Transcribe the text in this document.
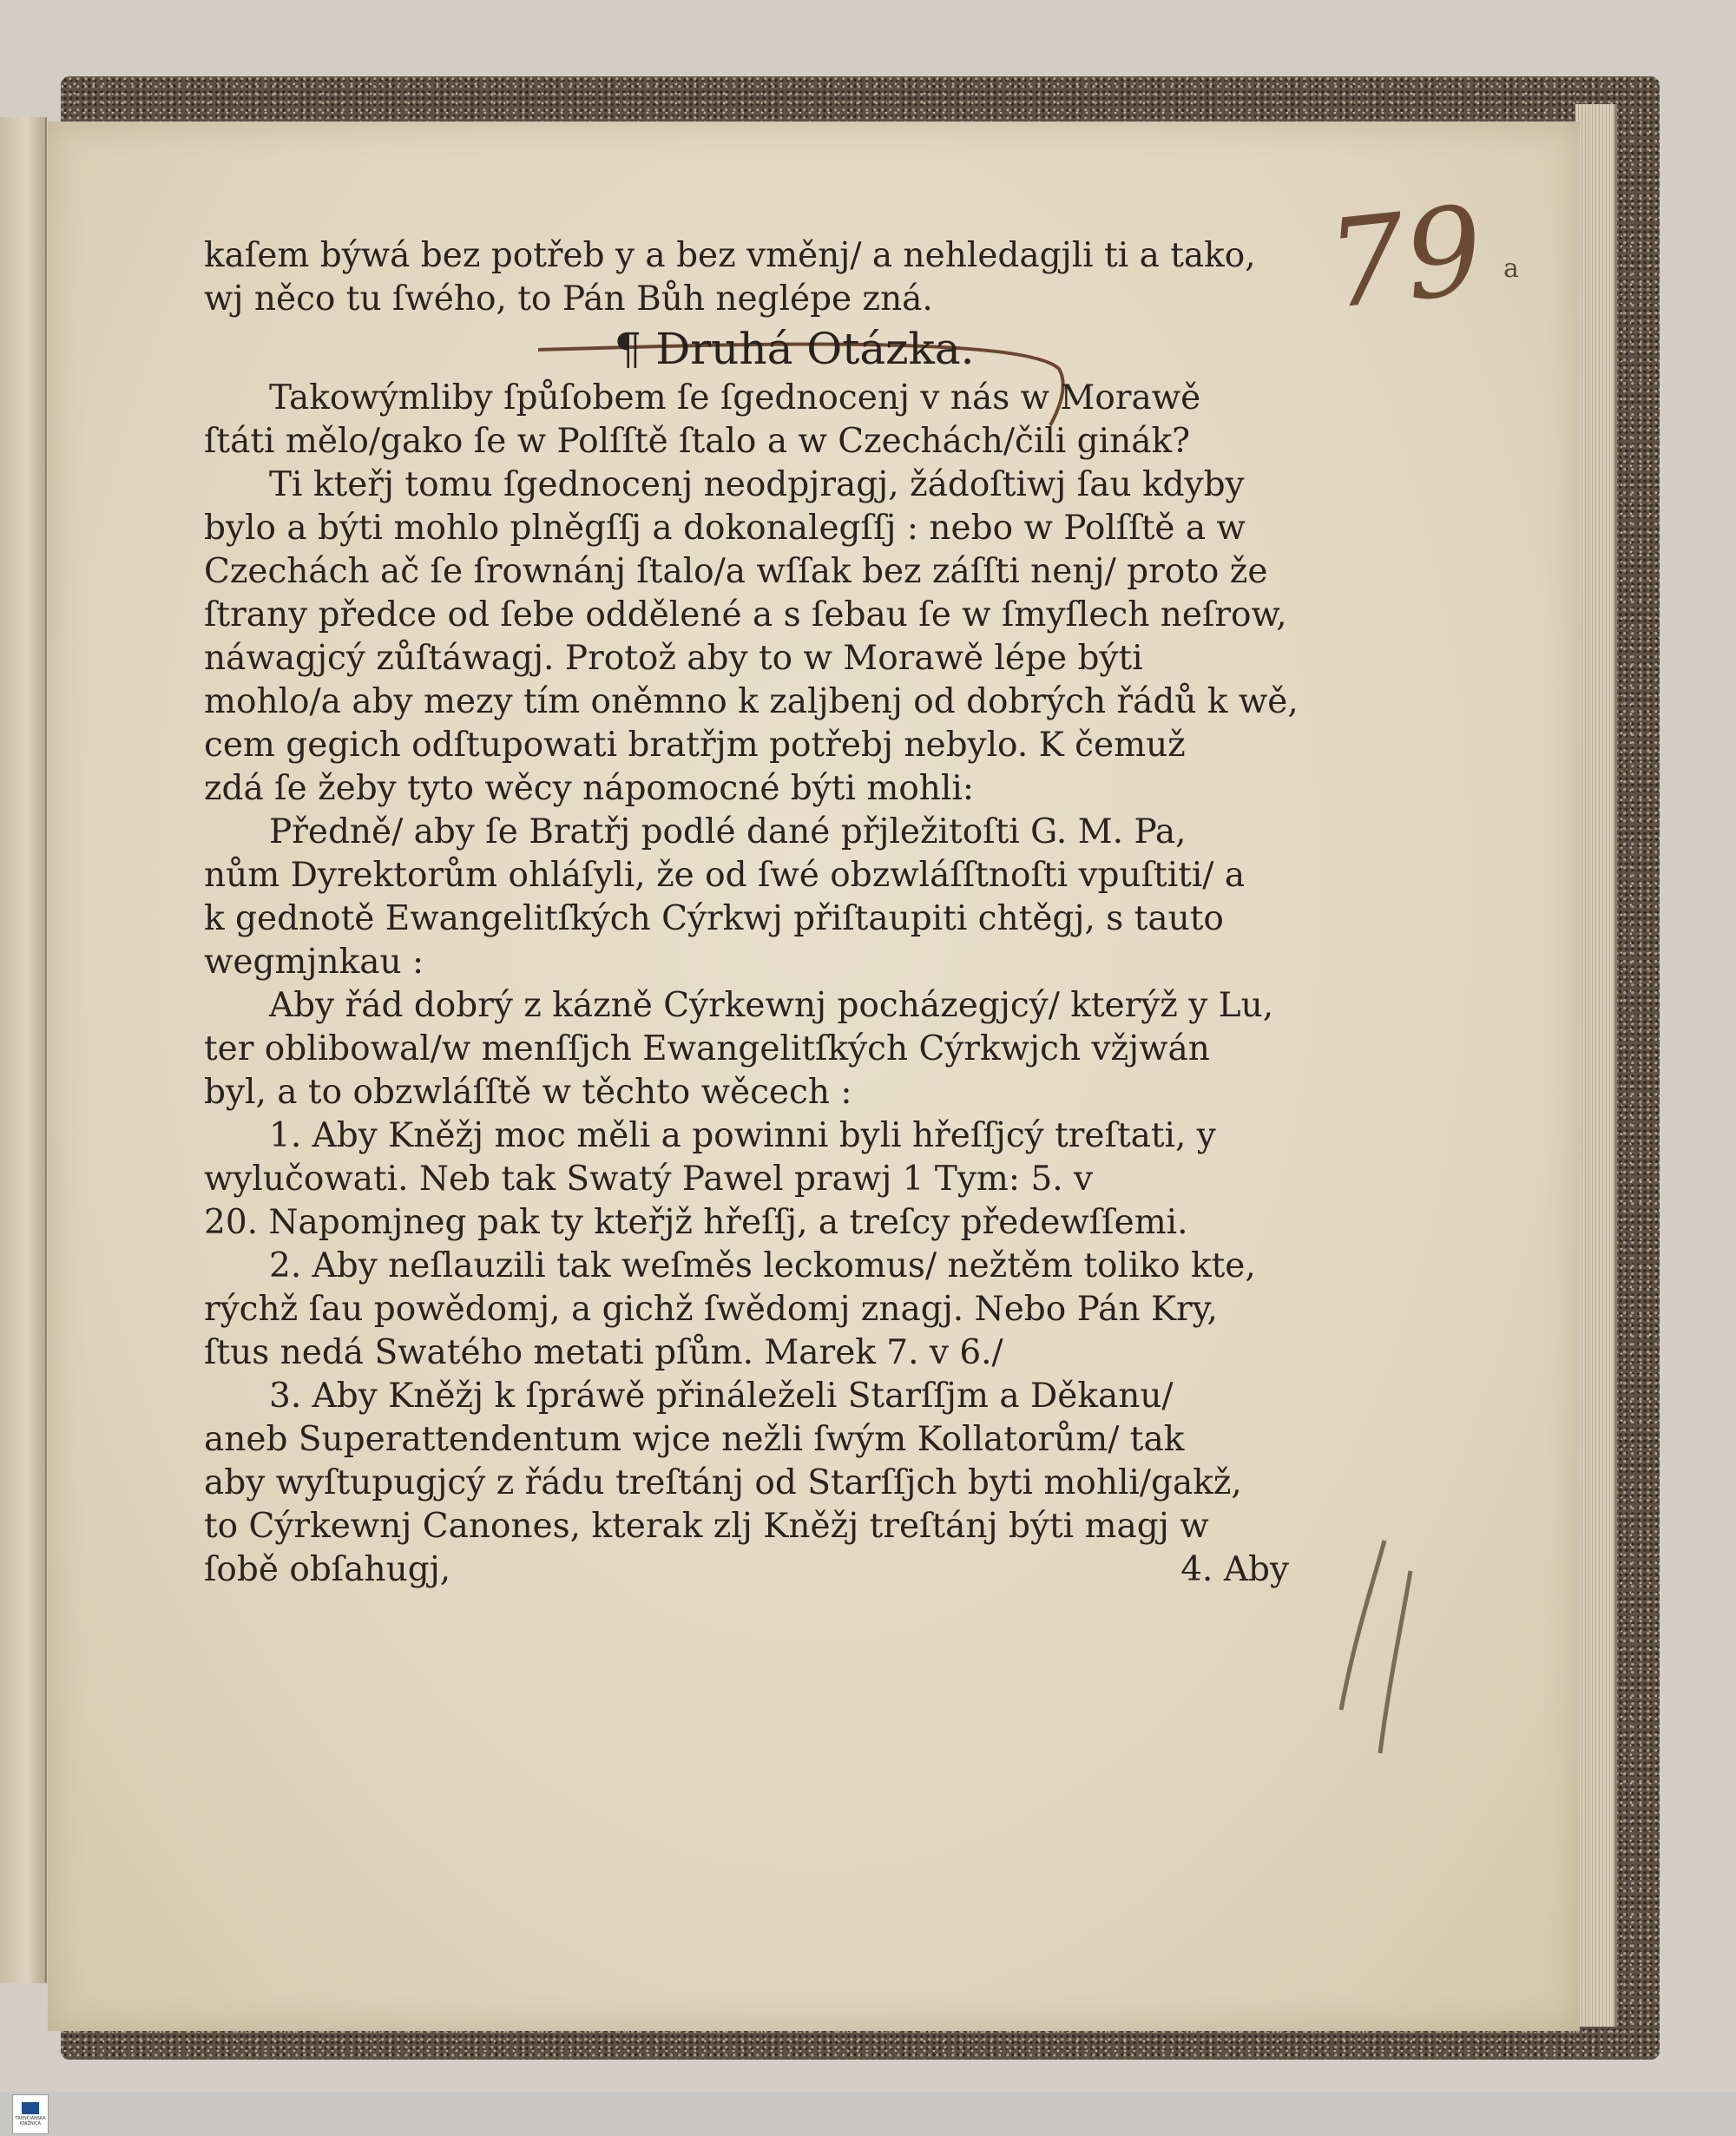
79 a

kaſem býwá bez potřeb y a bez vměnj/ a nehledagjli ti a tako,
wj něco tu ſwého, to Pán Bůh neglépe zná.

¶ Druhá Otázka.

Takowýmliby ſpůſobem ſe ſgednocenj v nás w Morawě
ſtáti mělo/gako ſe w Polſſtě ſtalo a w Czechách/čili ginák?

Ti kteřj tomu ſgednocenj neodpjragj, žádoſtiwj ſau kdyby
bylo a býti mohlo plněgſſj a dokonalegſſj : nebo w Polſſtě a w
Czechách ač ſe ſrownánj ſtalo/a wſſak bez záſſti nenj/ proto že
ſtrany předce od ſebe oddělené a s ſebau ſe w ſmyſlech neſrow,
náwagjcý zůſtáwagj. Protož aby to w Morawě lépe býti
mohlo/a aby mezy tím oněmno k zaljbenj od dobrých řádů k wě,
cem gegich odſtupowati bratřjm potřebj nebylo. K čemuž
zdá ſe žeby tyto wěcy nápomocné býti mohli:

Předně/ aby ſe Bratřj podlé dané přjležitoſti G. M. Pa,
nům Dyrektorům ohláſyli, že od ſwé obzwláſſtnoſti vpuſtiti/ a
k gednotě Ewangelitſkých Cýrkwj přiſtaupiti chtěgj, s tauto
wegmjnkau :

Aby řád dobrý z kázně Cýrkewnj pocházegjcý/ kterýž y Lu,
ter oblibowal/w menſſjch Ewangelitſkých Cýrkwjch vžjwán
byl, a to obzwláſſtě w těchto wěcech :

1. Aby Kněžj moc měli a powinni byli hřeſſjcý treſtati, y
wylučowati. Neb tak Swatý Pawel prawj 1 Tym: 5. v
20. Napomjneg pak ty kteřjž hřeſſj, a treſcy předewſſemi.

2. Aby neſlauzili tak weſměs leckomus/ nežtěm toliko kte,
rýchž ſau powědomj, a gichž ſwědomj znagj. Nebo Pán Kry,
ſtus nedá Swatého metati pſům. Marek 7. v 6./

3. Aby Kněžj k ſpráwě přináleželi Starſſjm a Děkanu/
aneb Superattendentum wjce nežli ſwým Kollatorům/ tak
aby wyſtupugjcý z řádu treſtánj od Starſſjch byti mohli/gakž,
to Cýrkewnj Canones, kterak zlj Kněžj treſtánj býti magj w

ſobě obſahugj,	4. Aby
TRENČIANSKA KNIŽNICA
